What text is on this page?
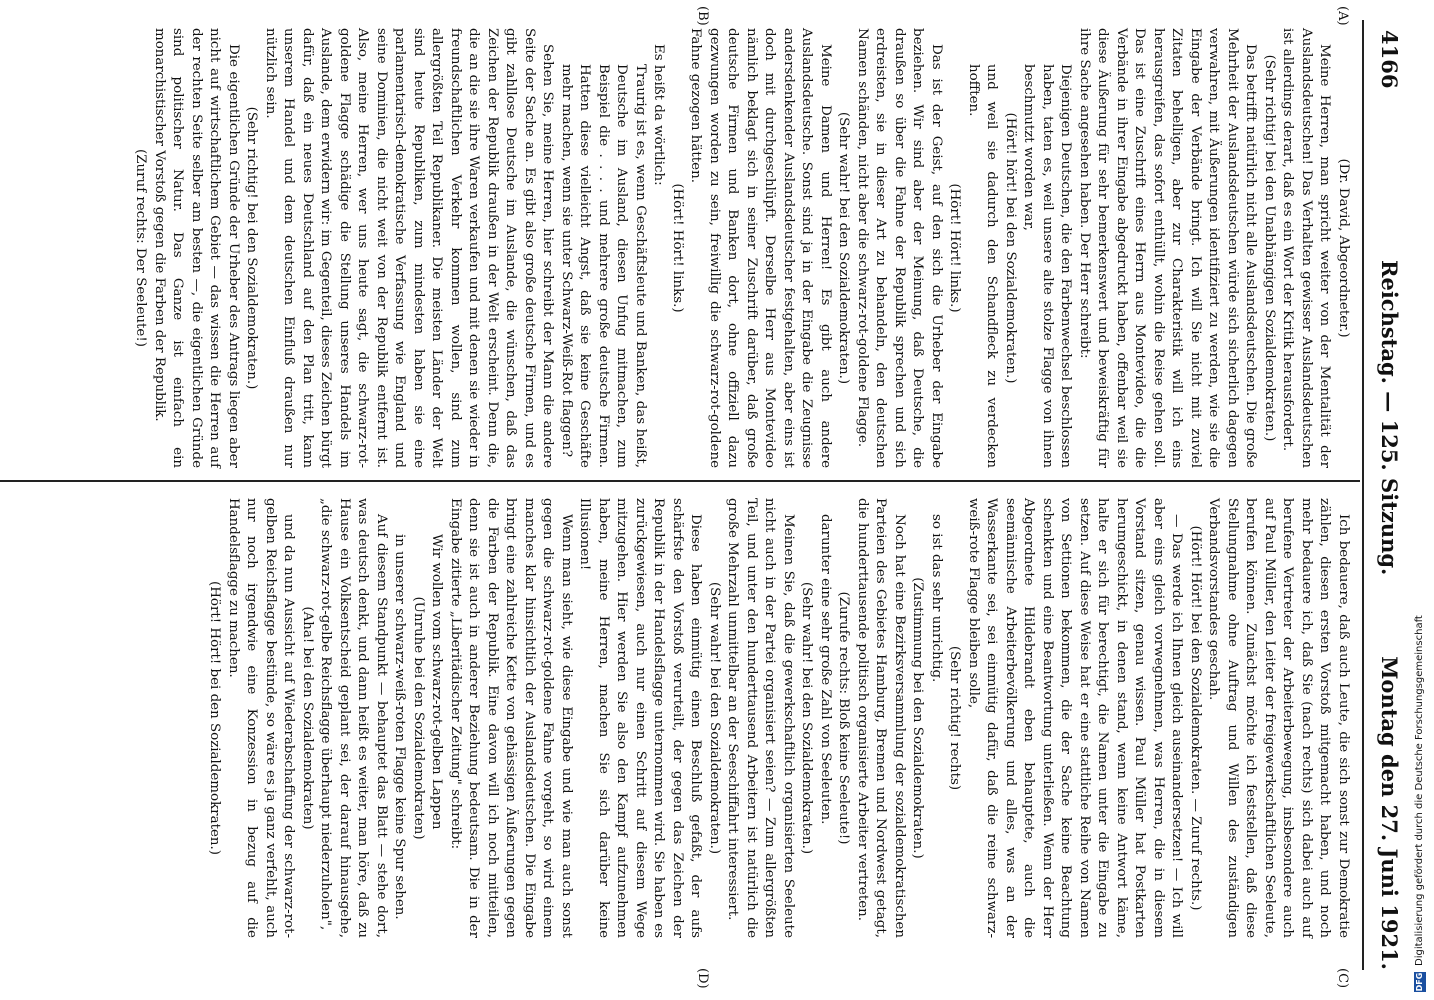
4166
Reichstag. — 125. Sitzung.
Montag den 27. Juni 1921.
(A)
(B)
(C)
(D)

(Dr. David, Abgeordneter.)

Meine Herren, man spricht weiter von der Mentalität der Auslandsdeutschen! Das Verhalten gewisser Auslandsdeutschen ist allerdings derart, daß es ein Wort der Kritik herausfordert.

(Sehr richtig! bei den Unabhängigen Sozialdemokraten.)

Das betrifft natürlich nicht alle Auslandsdeutschen. Die große Mehrheit der Auslandsdeutschen würde sich sicherlich dagegen verwahren, mit Äußerungen identifiziert zu werden, wie sie die Eingabe der Verbände bringt. Ich will Sie nicht mit zuviel Zitaten behelligen, aber zur Charakteristik will ich eins herausgreifen, das sofort enthüllt, wohin die Reise gehen soll. Das ist eine Zuschrift eines Herrn aus Montevideo, die die Verbände in ihrer Eingabe abgedruckt haben, offenbar weil sie diese Äußerung für sehr bemerkenswert und beweiskräftig für ihre Sache angesehen haben. Der Herr schreibt:

Diejenigen Deutschen, die den Farbenwechsel beschlossen haben, taten es, weil unsere alte stolze Flagge von ihnen beschmutzt worden war,

(Hört! hört! bei den Sozialdemokraten.)

und weil sie dadurch den Schandfleck zu verdecken hofften.

(Hört! Hört! links.)

Das ist der Geist, auf den sich die Urheber der Eingabe beziehen. Wir sind aber der Meinung, daß Deutsche, die draußen so über die Fahne der Republik sprechen und sich erdreisten, sie in dieser Art zu behandeln, den deutschen Namen schänden, nicht aber die schwarz-rot-goldene Flagge.

(Sehr wahr! bei den Sozialdemokraten.)

Meine Damen und Herren! Es gibt auch andere Auslandsdeutsche. Sonst sind ja in der Eingabe die Zeugnisse andersdenkender Auslandsdeutscher festgehalten, aber eins ist doch mit durchgeschlüpft. Derselbe Herr aus Montevideo nämlich beklagt sich in seiner Zuschrift darüber, daß große deutsche Firmen und Banken dort, ohne offiziell dazu gezwungen worden zu sein, freiwillig die schwarz-rot-goldene Fahne gezogen hätten.

(Hört! Hört! links.)

Es heißt da wörtlich:

Traurig ist es, wenn Geschäftsleute und Banken, das heißt, Deutsche im Ausland, diesen Unfug mitmachen, zum Beispiel die . . . . und mehrere große deutsche Firmen. Hatten diese vielleicht Angst, daß sie keine Geschäfte mehr machen, wenn sie unter Schwarz-Weiß-Rot flaggen?

Sehen Sie, meine Herren, hier schreibt der Mann die andere Seite der Sache an. Es gibt also große deutsche Firmen, und es gibt zahllose Deutsche im Auslande, die wünschen, daß das Zeichen der Republik draußen in der Welt erscheint. Denn die, die an die sie ihre Waren verkaufen und mit denen sie wieder in freundschaftlichen Verkehr kommen wollen, sind zum allergrößten Teil Republikaner. Die meisten Länder der Welt sind heute Republiken, zum mindesten haben sie eine parlamentarisch-demokratische Verfassung wie England und seine Dominien, die nicht weit von der Republik entfernt ist. Also, meine Herren, wer uns heute sagt, die schwarz-rot-goldene Flagge schädige die Stellung unseres Handels im Auslande, dem erwidern wir: im Gegenteil, dieses Zeichen bürgt dafür, daß ein neues Deutschland auf den Plan tritt, kann unserem Handel und dem deutschen Einfluß draußen nur nützlich sein.

(Sehr richtig! bei den Sozialdemokraten.)

Die eigentlichen Gründe der Urheber des Antrags liegen aber nicht auf wirtschaftlichem Gebiet — das wissen die Herren auf der rechten Seite selber am besten —, die eigentlichen Gründe sind politischer Natur. Das Ganze ist einfach ein monarchistischer Vorstoß gegen die Farben der Republik.

(Zuruf rechts: Der Seeleute!)

Ich bedauere, daß auch Leute, die sich sonst zur Demokratie zählen, diesen ersten Vorstoß mitgemacht haben, und noch mehr bedauere ich, daß Sie (nach rechts) sich dabei auch auf berufene Vertreter der Arbeiterbewegung, insbesondere auch auf Paul Müller, den Leiter der freigewerkschaftlichen Seeleute, berufen können. Zunächst möchte ich feststellen, daß diese Stellungnahme ohne Auftrag und Willen des zuständigen Verbandsvorstandes geschah.

(Hört! Hört! bei den Sozialdemokraten. — Zuruf rechts.)

— Das werde ich Ihnen gleich auseinandersetzen! — Ich will aber eins gleich vorwegnehmen, was Herren, die in diesem Vorstand sitzen, genau wissen. Paul Müller hat Postkarten herumgeschickt, in denen stand, wenn keine Antwort käme, halte er sich für berechtigt, die Namen unter die Eingabe zu setzen. Auf diese Weise hat er eine stattliche Reihe von Namen von Settionen bekommen, die der Sache keine Beachtung schenkten und eine Beantwortung unterließen. Wenn der Herr Abgeordnete Hildebrandt eben behauptete, auch die seemännische Arbeiterbevölkerung und alles, was an der Wasserkante sei, sei einmütig dafür, daß die reine schwarz-weiß-rote Flagge bleiben solle,

(Sehr richtig! rechts)

so ist das sehr unrichtig.

(Zustimmung bei den Sozialdemokraten.)

Noch hat eine Bezirksversammlung der sozialdemokratischen Parteien des Gebietes Hamburg, Bremen und Nordwest getagt, die hunderttausende politisch organisierte Arbeiter vertreten.

(Zurufe rechts: Bloß keine Seeleute!)

darunter eine sehr große Zahl von Seeleuten.

(Sehr wahr! bei den Sozialdemokraten.)

Meinen Sie, daß die gewerkschaftlich organisierten Seeleute nicht auch in der Partei organisiert seien? — Zum allergrößten Teil, und unter den hunderttausend Arbeitern ist natürlich die große Mehrzahl unmittelbar an der Seeschiffahrt interessiert.

(Sehr wahr! bei den Sozialdemokraten.)

Diese haben einmütig einen Beschluß gefaßt, der aufs schärfste den Vorstoß verurteilt, der gegen das Zeichen der Republik in der Handelsflagge unternommen wird. Sie haben es zurückgewiesen, auch nur einen Schritt auf diesem Wege mitzugehen. Hier werden Sie also den Kampf aufzunehmen haben, meine Herren, machen Sie sich darüber keine Illusionen!

Wenn man sieht, wie diese Eingabe und wie man auch sonst gegen die schwarz-rot-goldene Fahne vorgeht, so wird einem manches klar hinsichtlich der Auslandsdeutschen. Die Eingabe bringt eine zahlreiche Kette von gehässigen Äußerungen gegen die Farben der Republik. Eine davon will ich noch mitteilen, denn sie ist auch in anderer Beziehung bedeutsam. Die in der Eingabe zitierte „Liberitädischer Zeitung" schreibt:

Wir wollen vom schwarz-rot-gelben Lappen

(Unruhe bei den Sozialdemokraten)

in unserer schwarz-weiß-roten Flagge keine Spur sehen.

Auf diesem Standpunkt — behauptet das Blatt — stehe dort, was deutsch denkt, und dann heißt es weiter, man höre, daß zu Hause ein Volksentscheid geplant sei, der darauf hinausgehe, „die schwarz-rot-gelbe Reichsflagge überhaupt niederzuholen",

(Aha! bei den Sozialdemokraten)

und da nun Aussicht auf Wiederabschaffung der schwarz-rot-gelben Reichsflagge bestünde, so wäre es ja ganz verfehlt, auch nur noch irgendwie eine Konzession in bezug auf die Handelsflagge zu machen.

(Hört! Hört! bei den Sozialdemokraten.)

DFG
Digitalisierung gefördert durch die Deutsche Forschungsgemeinschaft
